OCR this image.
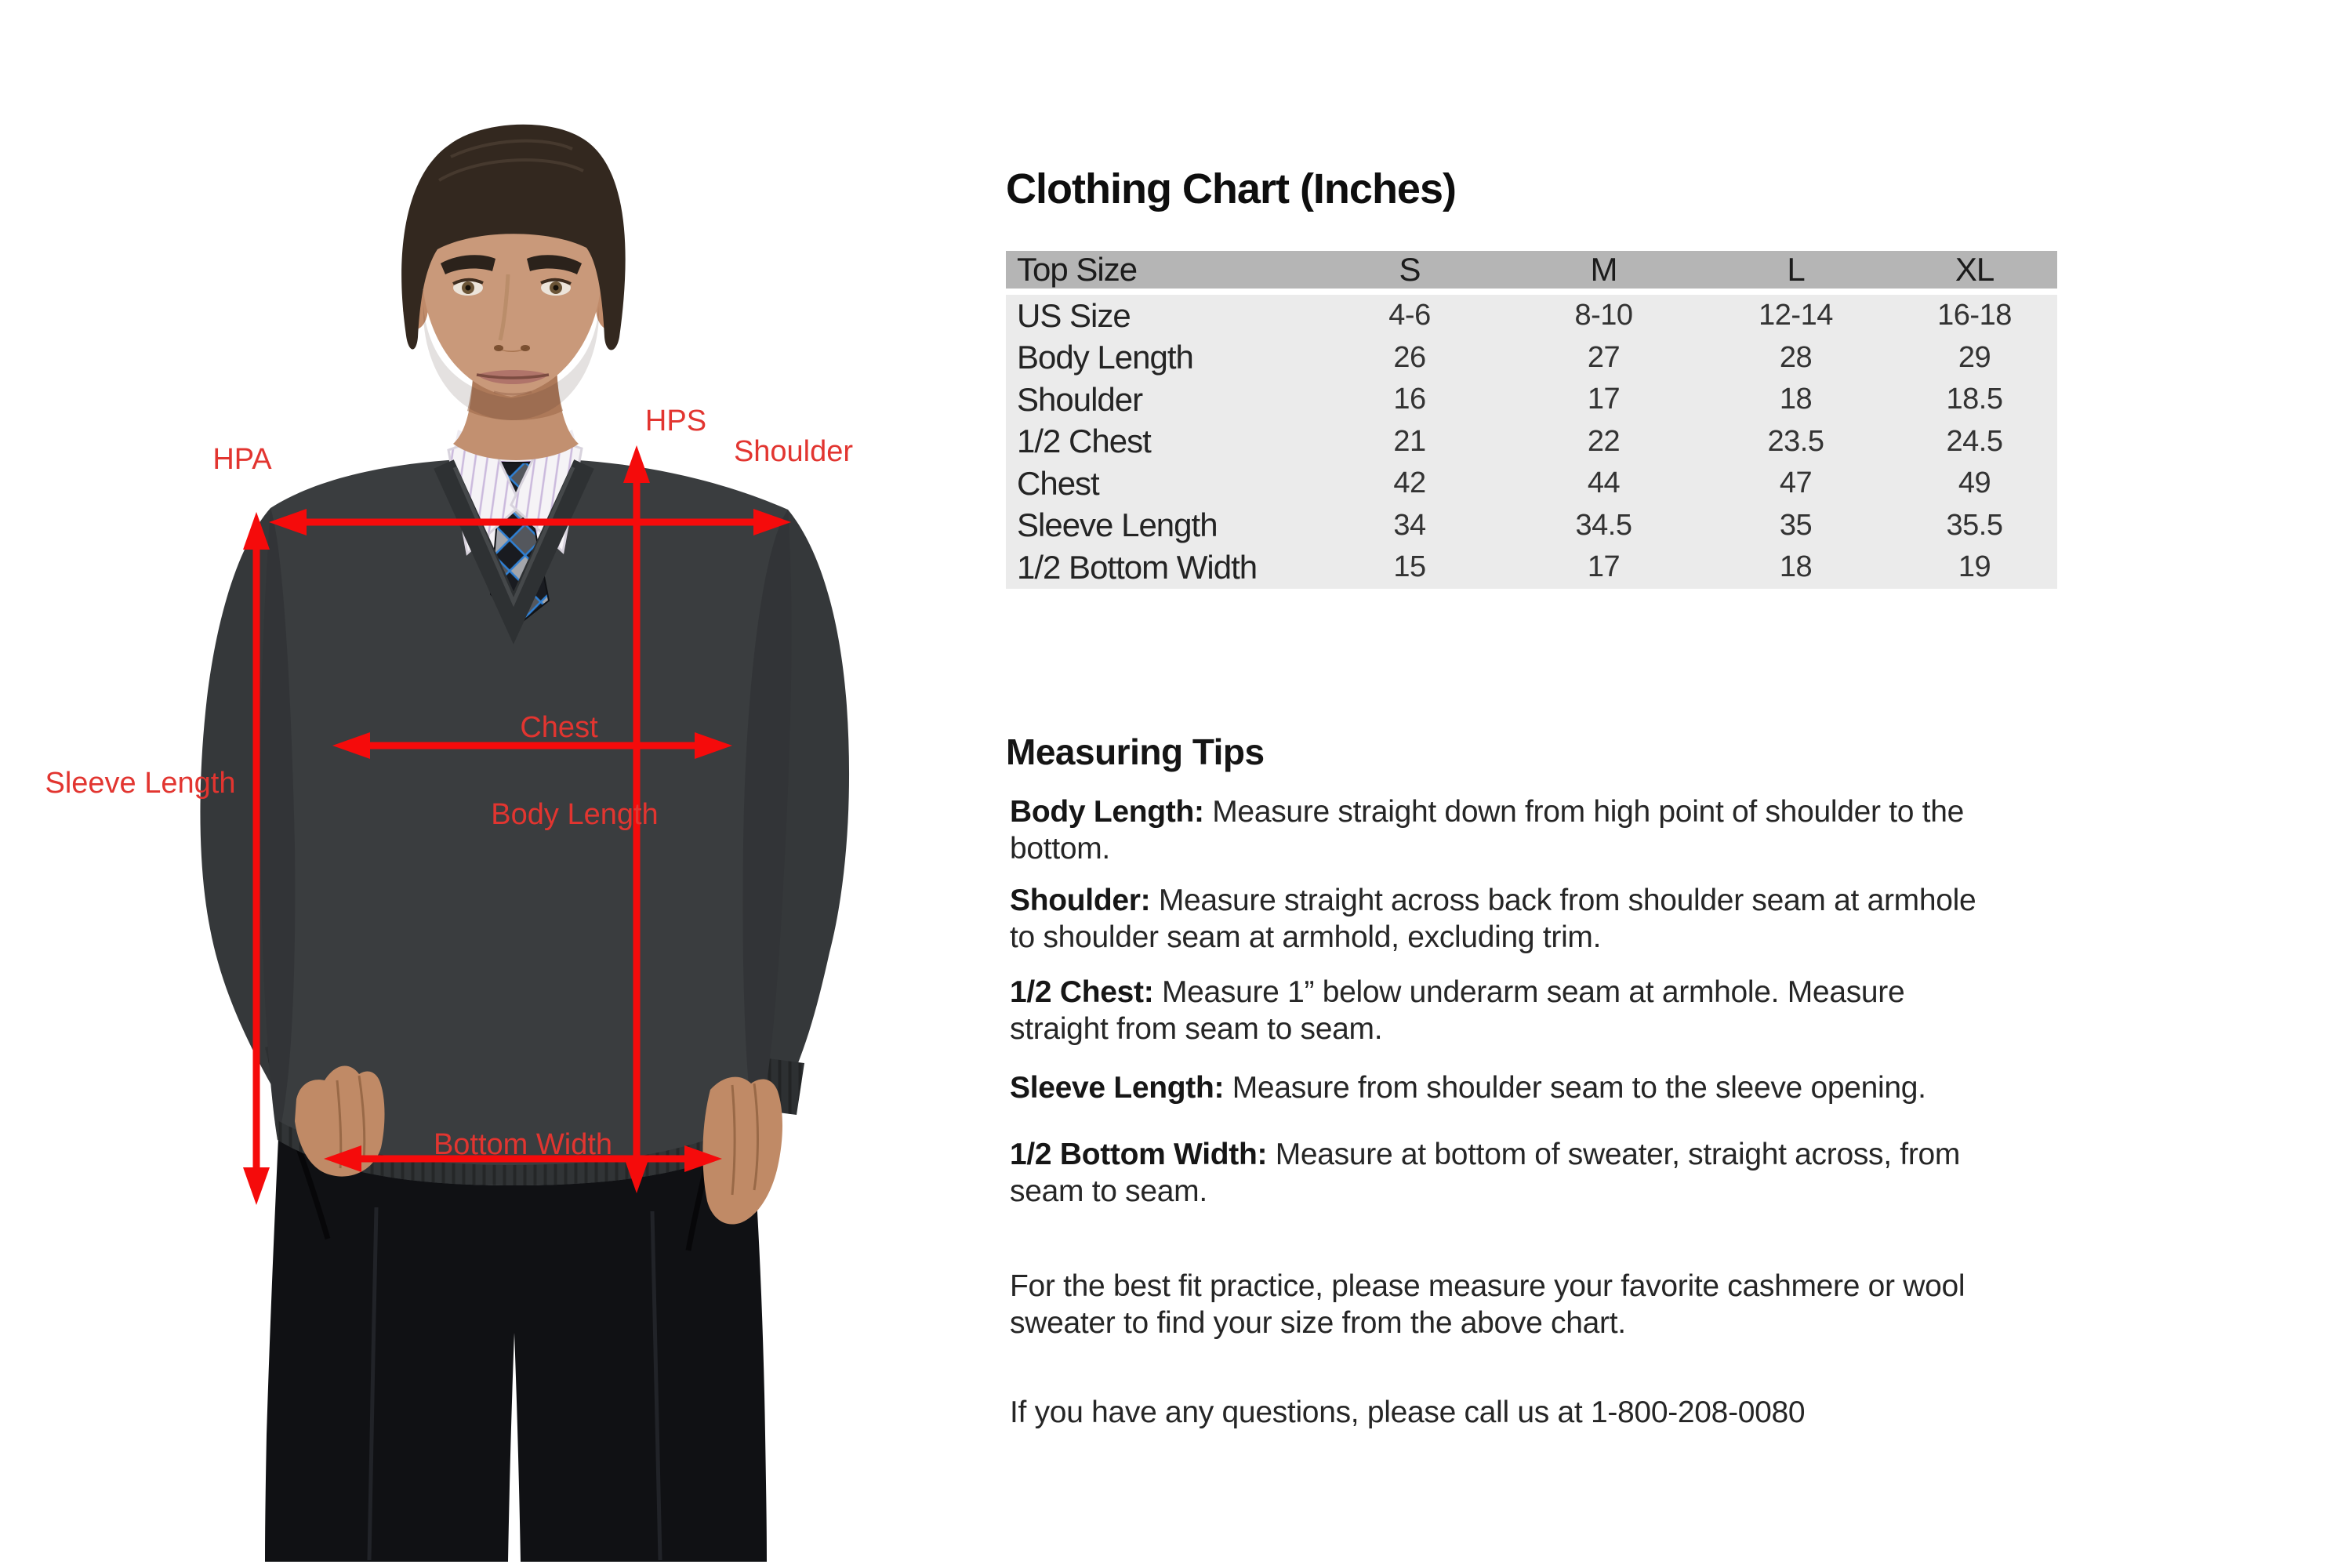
HPA
HPS
Shoulder
Chest
Body Length
Sleeve Length
Bottom Width
Clothing Chart (Inches)
Top Size	S	M	L	XL
US Size	4-6	8-10	12-14	16-18
Body Length	26	27	28	29
Shoulder	16	17	18	18.5
1/2 Chest	21	22	23.5	24.5
Chest	42	44	47	49
Sleeve Length	34	34.5	35	35.5
1/2 Bottom Width	15	17	18	19
Measuring Tips

Body Length: Measure straight down from high point of shoulder to the bottom.

Shoulder: Measure straight across back from shoulder seam at armhole to shoulder seam at armhold, excluding trim.

1/2 Chest: Measure 1” below underarm seam at armhole. Measure straight from seam to seam.

Sleeve Length: Measure from shoulder seam to the sleeve opening.

1/2 Bottom Width: Measure at bottom of sweater, straight across, from seam to seam.

For the best fit practice, please measure your favorite cashmere or wool sweater to find your size from the above chart.

If you have any questions, please call us at 1-800-208-0080
